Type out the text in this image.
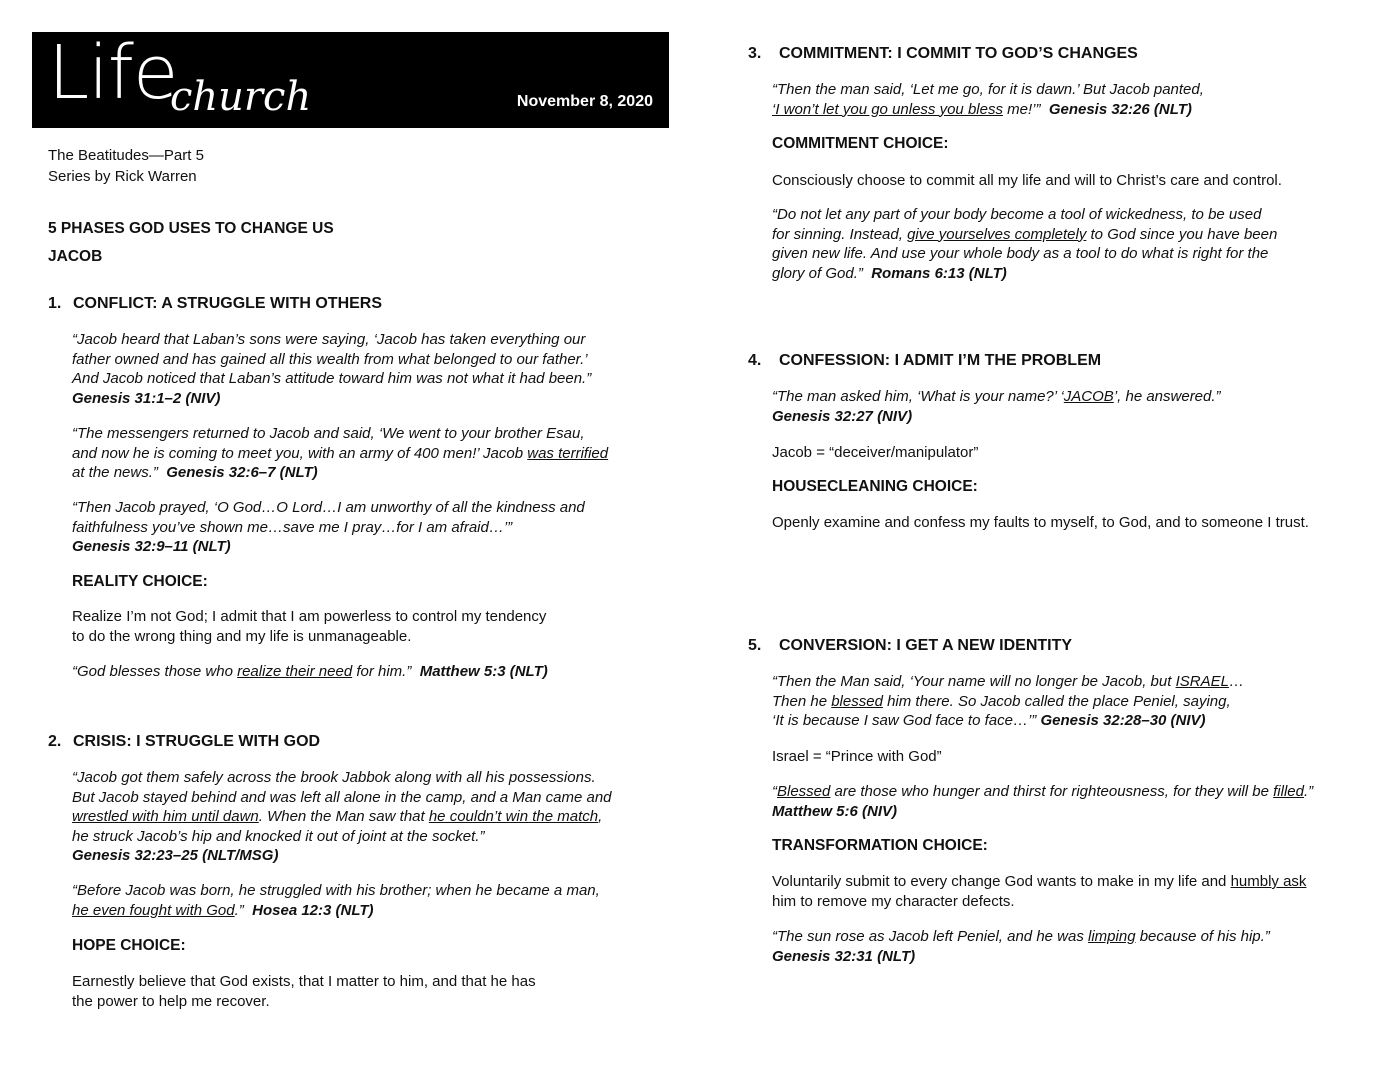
Life
church	November 8, 2020
The Beatitudes—Part 5
Series by Rick Warren
5 PHASES GOD USES TO CHANGE US
JACOB
1. CONFLICT: A STRUGGLE WITH OTHERS
“Jacob heard that Laban’s sons were saying, ‘Jacob has taken everything our
father owned and has gained all this wealth from what belonged to our father.’
And Jacob noticed that Laban’s attitude toward him was not what it had been.”
Genesis 31:1–2 (NIV)
“The messengers returned to Jacob and said, ‘We went to your brother Esau,
and now he is coming to meet you, with an army of 400 men!’ Jacob was terrified
at the news.” Genesis 32:6–7 (NLT)
“Then Jacob prayed, ‘O God…O Lord…I am unworthy of all the kindness and
faithfulness you’ve shown me…save me I pray…for I am afraid…’”
Genesis 32:9–11 (NLT)
REALITY CHOICE:
Realize I’m not God; I admit that I am powerless to control my tendency
to do the wrong thing and my life is unmanageable.
“God blesses those who realize their need for him.” Matthew 5:3 (NLT)
2. CRISIS: I STRUGGLE WITH GOD
“Jacob got them safely across the brook Jabbok along with all his possessions.
But Jacob stayed behind and was left all alone in the camp, and a Man came and
wrestled with him until dawn. When the Man saw that he couldn’t win the match,
he struck Jacob’s hip and knocked it out of joint at the socket.”
Genesis 32:23–25 (NLT/MSG)
“Before Jacob was born, he struggled with his brother; when he became a man,
he even fought with God.” Hosea 12:3 (NLT)
HOPE CHOICE:
Earnestly believe that God exists, that I matter to him, and that he has
the power to help me recover.
3. COMMITMENT: I COMMIT TO GOD’S CHANGES
“Then the man said, ‘Let me go, for it is dawn.’ But Jacob panted,
‘I won’t let you go unless you bless me!’” Genesis 32:26 (NLT)
COMMITMENT CHOICE:
Consciously choose to commit all my life and will to Christ’s care and control.
“Do not let any part of your body become a tool of wickedness, to be used
for sinning. Instead, give yourselves completely to God since you have been
given new life. And use your whole body as a tool to do what is right for the
glory of God.” Romans 6:13 (NLT)
4. CONFESSION: I ADMIT I’M THE PROBLEM
“The man asked him, ‘What is your name?’ ‘JACOB’, he answered.”
Genesis 32:27 (NIV)
Jacob = “deceiver/manipulator”
HOUSECLEANING CHOICE:
Openly examine and confess my faults to myself, to God, and to someone I trust.
5. CONVERSION: I GET A NEW IDENTITY
“Then the Man said, ‘Your name will no longer be Jacob, but ISRAEL…
Then he blessed him there. So Jacob called the place Peniel, saying,
‘It is because I saw God face to face…’” Genesis 32:28–30 (NIV)
Israel = “Prince with God”
“Blessed are those who hunger and thirst for righteousness, for they will be filled.”
Matthew 5:6 (NIV)
TRANSFORMATION CHOICE:
Voluntarily submit to every change God wants to make in my life and humbly ask
him to remove my character defects.
“The sun rose as Jacob left Peniel, and he was limping because of his hip.”
Genesis 32:31 (NLT)
